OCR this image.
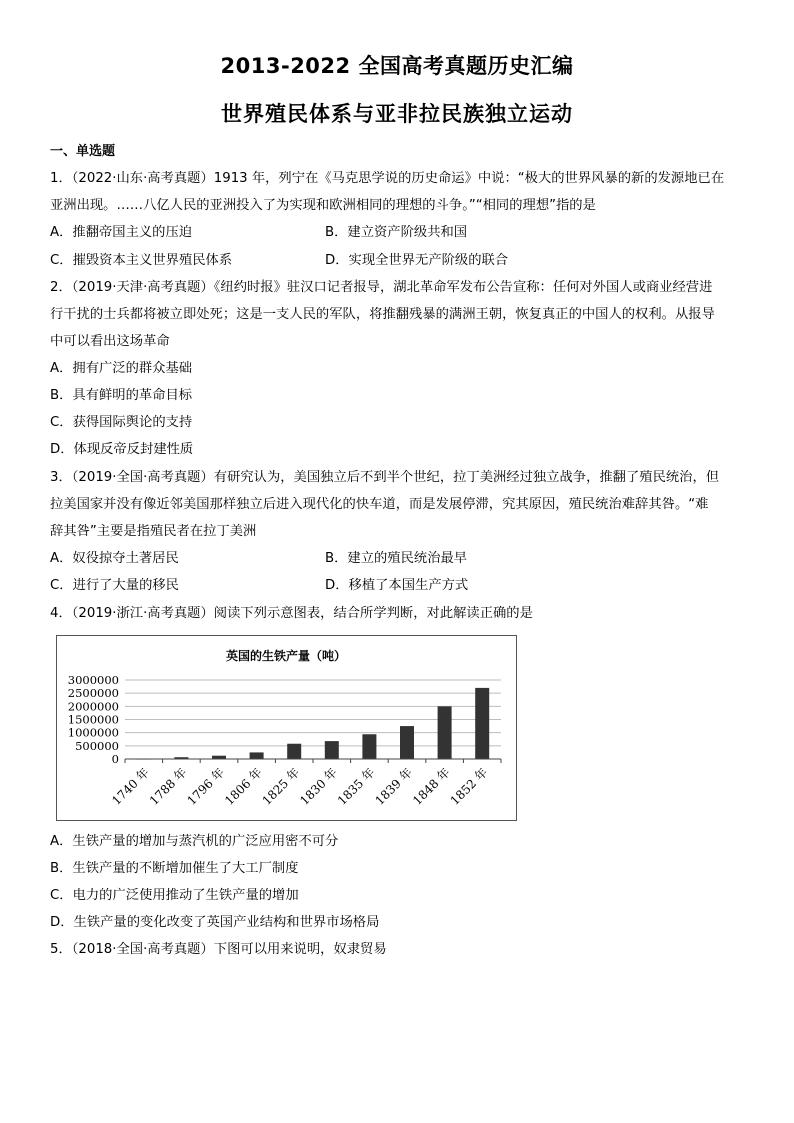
2013-2022 全国高考真题历史汇编
世界殖民体系与亚非拉民族独立运动
一、单选题
1．（2022·山东·高考真题）1913 年，列宁在《马克思学说的历史命运》中说：“极大的世界风暴的新的发源地已在
亚洲出现。……八亿人民的亚洲投入了为实现和欧洲相同的理想的斗争。”“相同的理想”指的是
A．推翻帝国主义的压迫	B．建立资产阶级共和国
C．摧毁资本主义世界殖民体系	D．实现全世界无产阶级的联合
2．（2019·天津·高考真题）《纽约时报》驻汉口记者报导，湖北革命军发布公告宣称：任何对外国人或商业经营进
行干扰的士兵都将被立即处死；这是一支人民的军队，将推翻残暴的满洲王朝，恢复真正的中国人的权利。从报导
中可以看出这场革命
A．拥有广泛的群众基础
B．具有鲜明的革命目标
C．获得国际舆论的支持
D．体现反帝反封建性质
3．（2019·全国·高考真题）有研究认为，美国独立后不到半个世纪，拉丁美洲经过独立战争，推翻了殖民统治，但
拉美国家并没有像近邻美国那样独立后进入现代化的快车道，而是发展停滞，究其原因，殖民统治难辞其咎。“难
辞其咎”主要是指殖民者在拉丁美洲
A．奴役掠夺土著居民	B．建立的殖民统治最早
C．进行了大量的移民	D．移植了本国生产方式
4．（2019·浙江·高考真题）阅读下列示意图表，结合所学判断，对此解读正确的是
英国的生铁产量（吨）
0
500000
1000000
1500000
2000000
2500000
3000000
1740 年
1788 年
1796 年
1806 年
1825 年
1830 年
1835 年
1839 年
1848 年
1852 年
A．生铁产量的增加与蒸汽机的广泛应用密不可分
B．生铁产量的不断增加催生了大工厂制度
C．电力的广泛使用推动了生铁产量的增加
D．生铁产量的变化改变了英国产业结构和世界市场格局
5．（2018·全国·高考真题）下图可以用来说明，奴隶贸易
